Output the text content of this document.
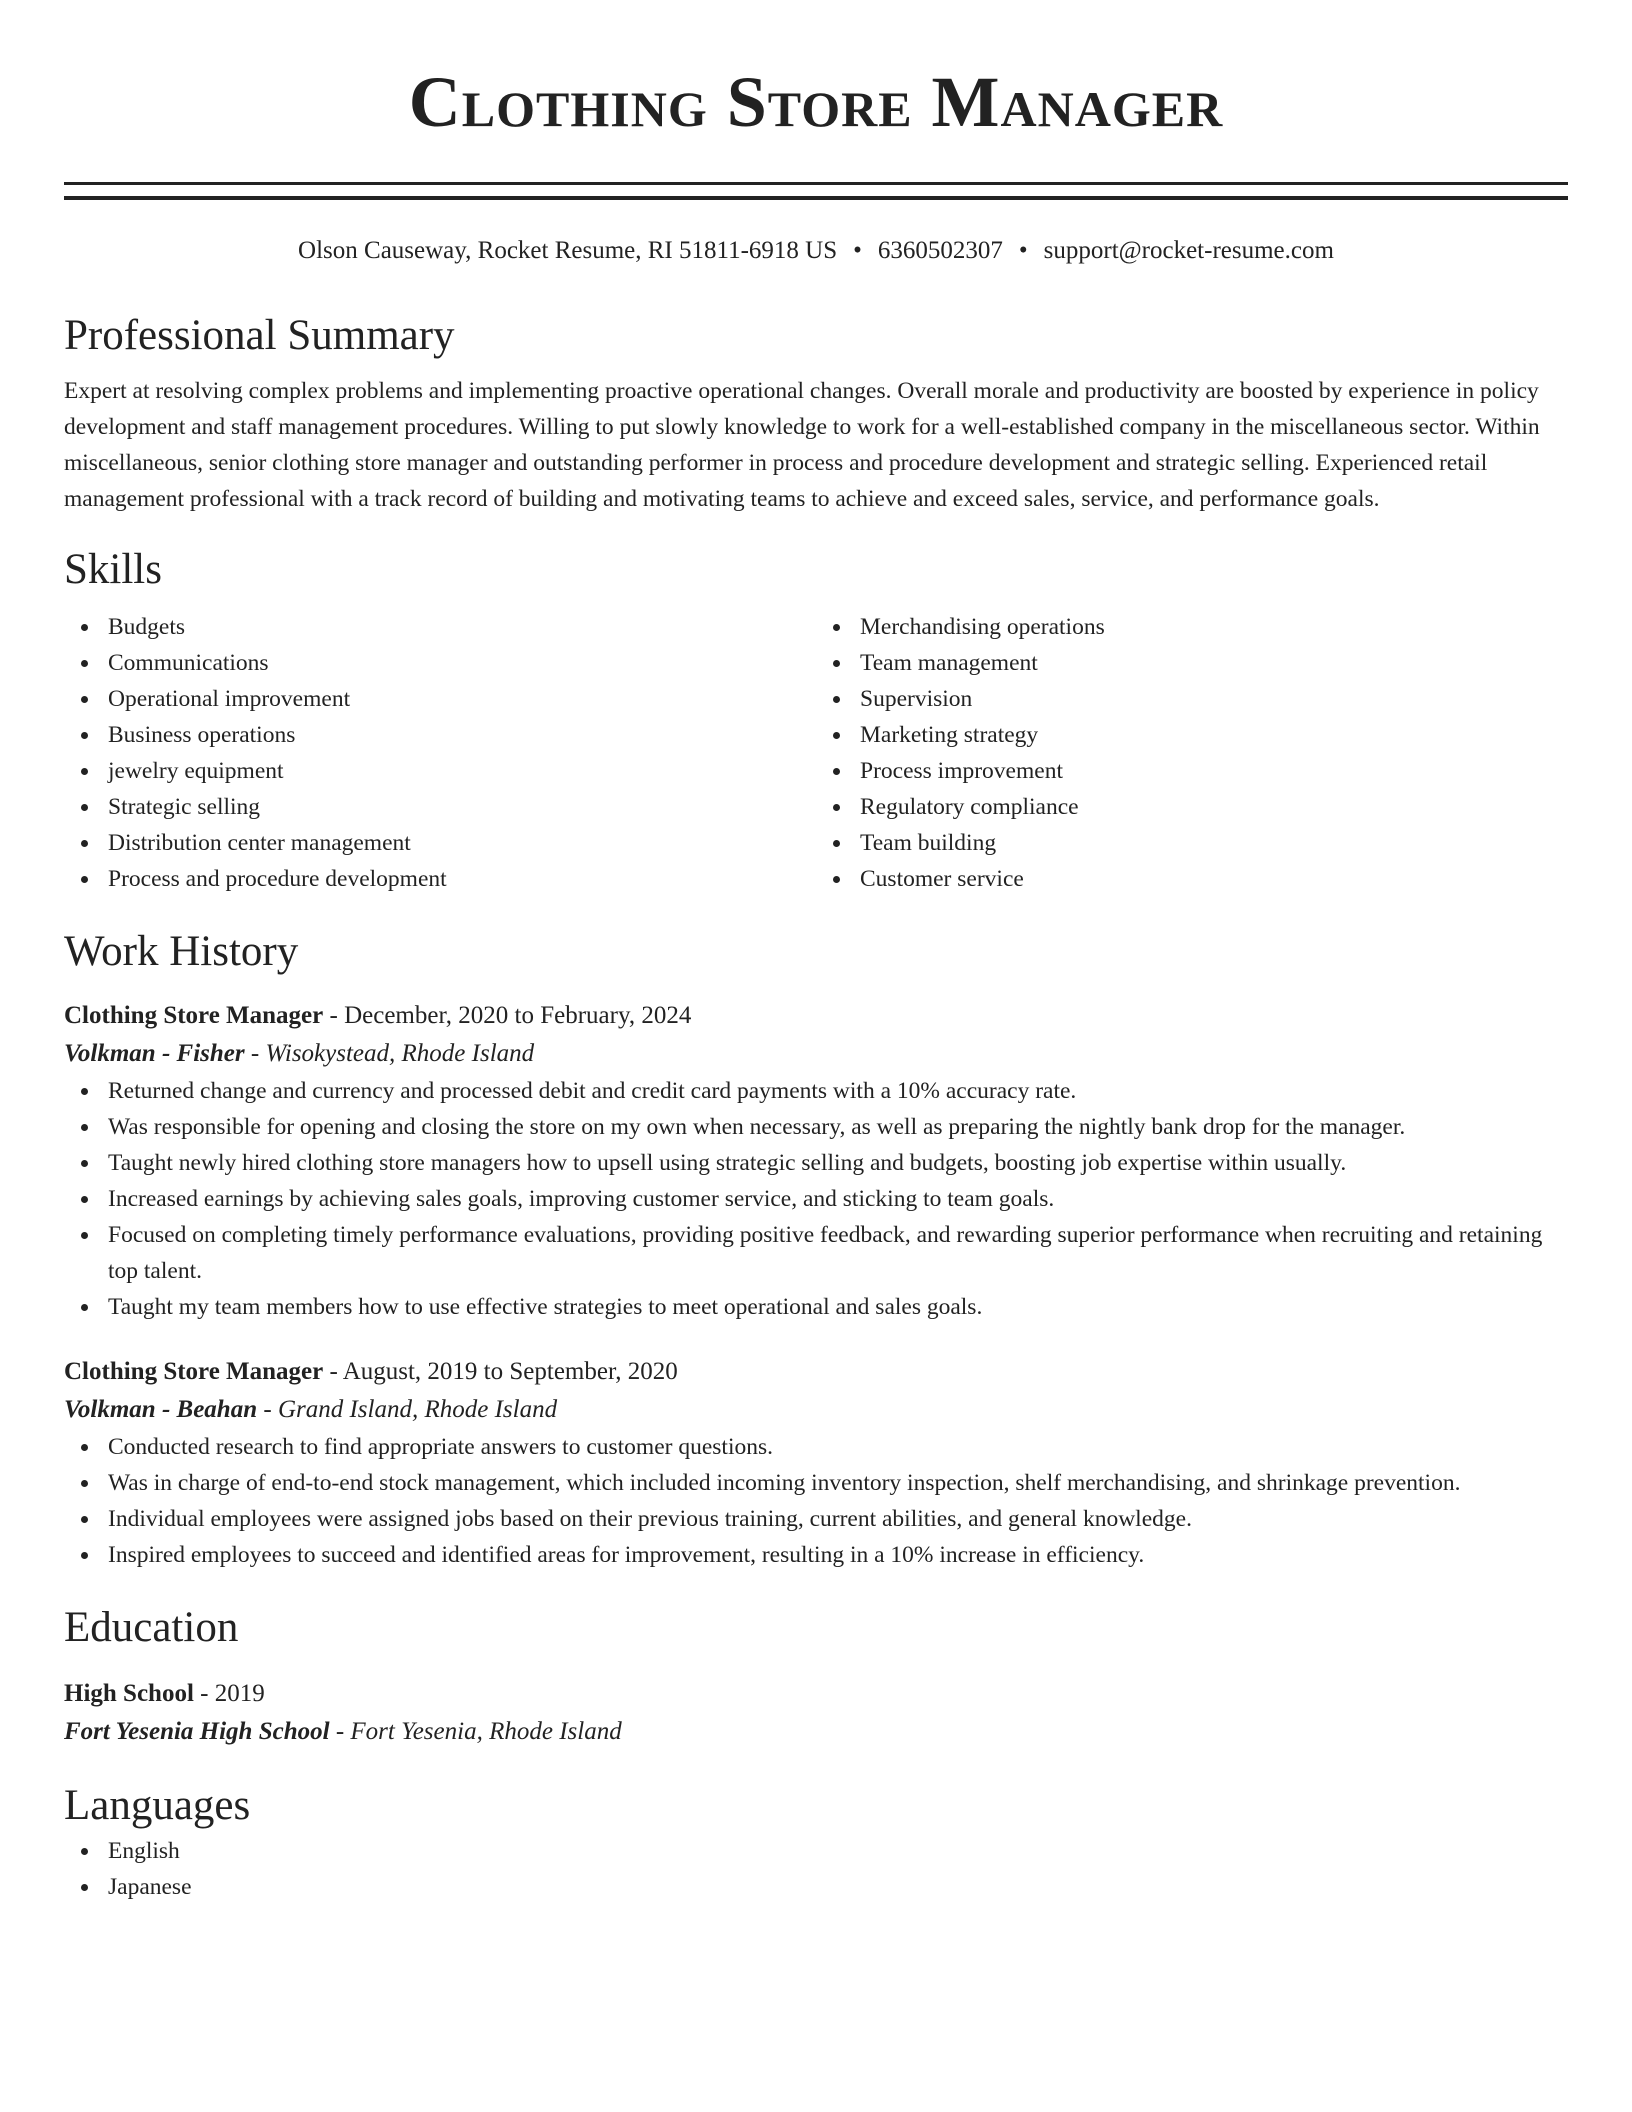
Clothing Store Manager
Olson Causeway, Rocket Resume, RI 51811-6918 US • 6360502307 • support@rocket-resume.com
Professional Summary

Expert at resolving complex problems and implementing proactive operational changes. Overall morale and productivity are boosted by experience in policy development and staff management procedures. Willing to put slowly knowledge to work for a well-established company in the miscellaneous sector. Within miscellaneous, senior clothing store manager and outstanding performer in process and procedure development and strategic selling. Experienced retail management professional with a track record of building and motivating teams to achieve and exceed sales, service, and performance goals.

Skills
Budgets
Communications
Operational improvement
Business operations
jewelry equipment
Strategic selling
Distribution center management
Process and procedure development
Merchandising operations
Team management
Supervision
Marketing strategy
Process improvement
Regulatory compliance
Team building
Customer service
Work History
Clothing Store Manager - December, 2020 to February, 2024
Volkman - Fisher - Wisokystead, Rhode Island
Returned change and currency and processed debit and credit card payments with a 10% accuracy rate.
Was responsible for opening and closing the store on my own when necessary, as well as preparing the nightly bank drop for the manager.
Taught newly hired clothing store managers how to upsell using strategic selling and budgets, boosting job expertise within usually.
Increased earnings by achieving sales goals, improving customer service, and sticking to team goals.
Focused on completing timely performance evaluations, providing positive feedback, and rewarding superior performance when recruiting and retaining top talent.
Taught my team members how to use effective strategies to meet operational and sales goals.
Clothing Store Manager - August, 2019 to September, 2020
Volkman - Beahan - Grand Island, Rhode Island
Conducted research to find appropriate answers to customer questions.
Was in charge of end-to-end stock management, which included incoming inventory inspection, shelf merchandising, and shrinkage prevention.
Individual employees were assigned jobs based on their previous training, current abilities, and general knowledge.
Inspired employees to succeed and identified areas for improvement, resulting in a 10% increase in efficiency.
Education
High School - 2019
Fort Yesenia High School - Fort Yesenia, Rhode Island
Languages
English
Japanese
